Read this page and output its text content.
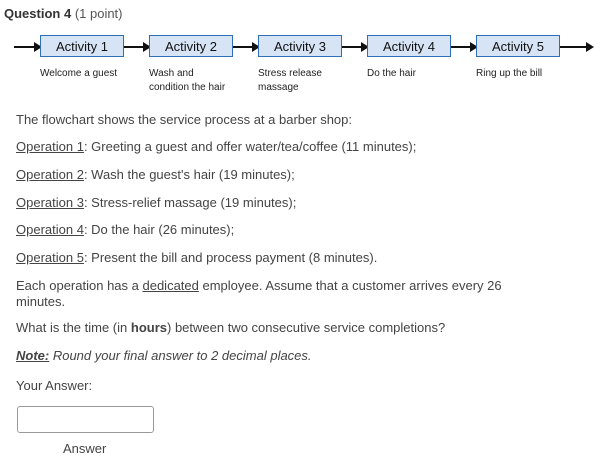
Question 4 (1 point)
Activity 1	Activity 2	Activity 3	Activity 4	Activity 5
Welcome a guest	Wash and
condition the hair
Stress release
massage
Do the hair	Ring up the bill
The flowchart shows the service process at a barber shop:
Operation 1: Greeting a guest and offer water/tea/coffee (11 minutes);
Operation 2: Wash the guest's hair (19 minutes);
Operation 3: Stress-relief massage (19 minutes);
Operation 4: Do the hair (26 minutes);
Operation 5: Present the bill and process payment (8 minutes).
Each operation has a dedicated employee. Assume that a customer arrives every 26
minutes.
What is the time (in hours) between two consecutive service completions?
Note: Round your final answer to 2 decimal places.
Your Answer:
Answer
